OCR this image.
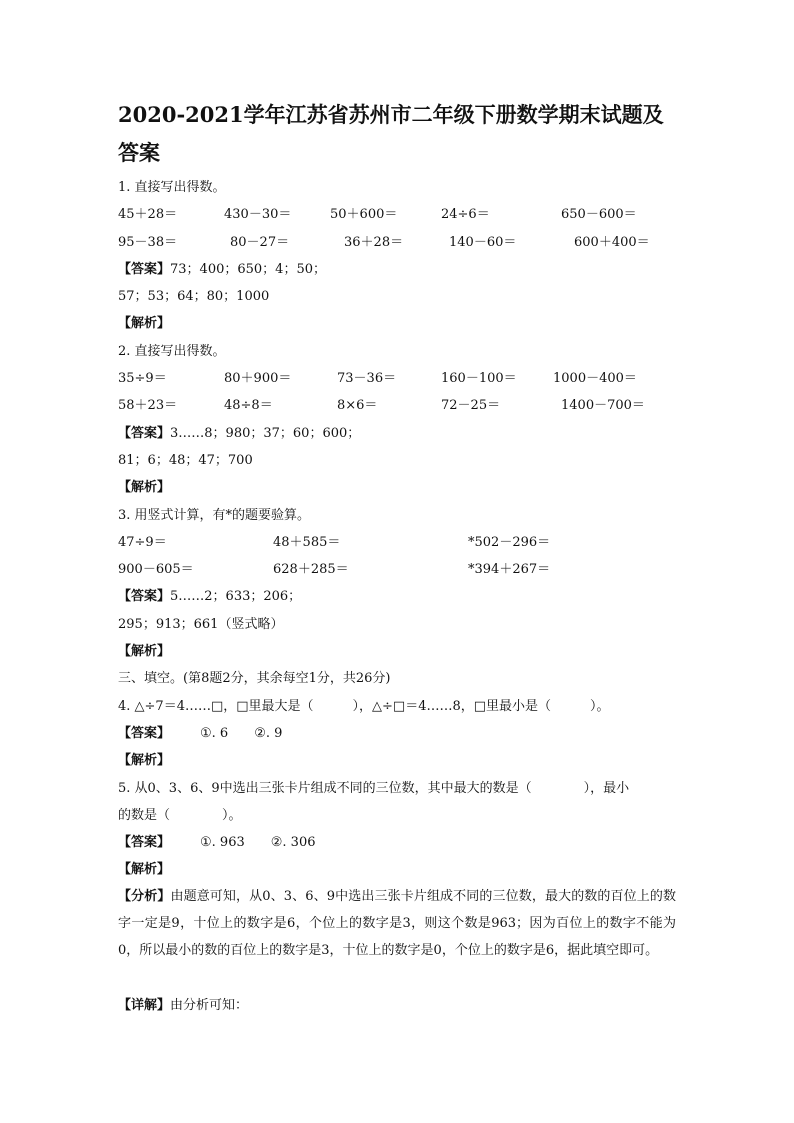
2020-2021学年江苏省苏州市二年级下册数学期末试题及答案
1. 直接写出得数。
45＋28＝	430－30＝	50＋600＝	24÷6＝	650－600＝
95－38＝	80－27＝	36＋28＝	140－60＝	600＋400＝
【答案】73；400；650；4；50；
57；53；64；80；1000
【解析】
2. 直接写出得数。
35÷9＝	80＋900＝	73－36＝	160－100＝	1000－400＝
58＋23＝	48÷8＝	8×6＝	72－25＝	1400－700＝
【答案】3……8；980；37；60；600；
81；6；48；47；700
【解析】
3. 用竖式计算，有*的题要验算。
47÷9＝	48＋585＝	*502－296＝
900－605＝	628＋285＝	*394＋267＝
【答案】5……2；633；206；
295；913；661（竖式略）
【解析】
三、填空。(第8题2分，其余每空1分，共26分)
4. △÷7＝4……□，□里最大是（　　　），△÷□＝4……8，□里最小是（　　　）。
【答案】 ①. 6　　②. 9
【解析】
5. 从0、3、6、9中选出三张卡片组成不同的三位数，其中最大的数是（　　　　），最小
的数是（　　　　）。
【答案】 ①. 963　　②. 306
【解析】
【分析】由题意可知，从0、3、6、9中选出三张卡片组成不同的三位数，最大的数的百位上的数字一定是9，十位上的数字是6，个位上的数字是3，则这个数是963；因为百位上的数字不能为0，所以最小的数的百位上的数字是3，十位上的数字是0，个位上的数字是6，据此填空即可。
【详解】由分析可知：
